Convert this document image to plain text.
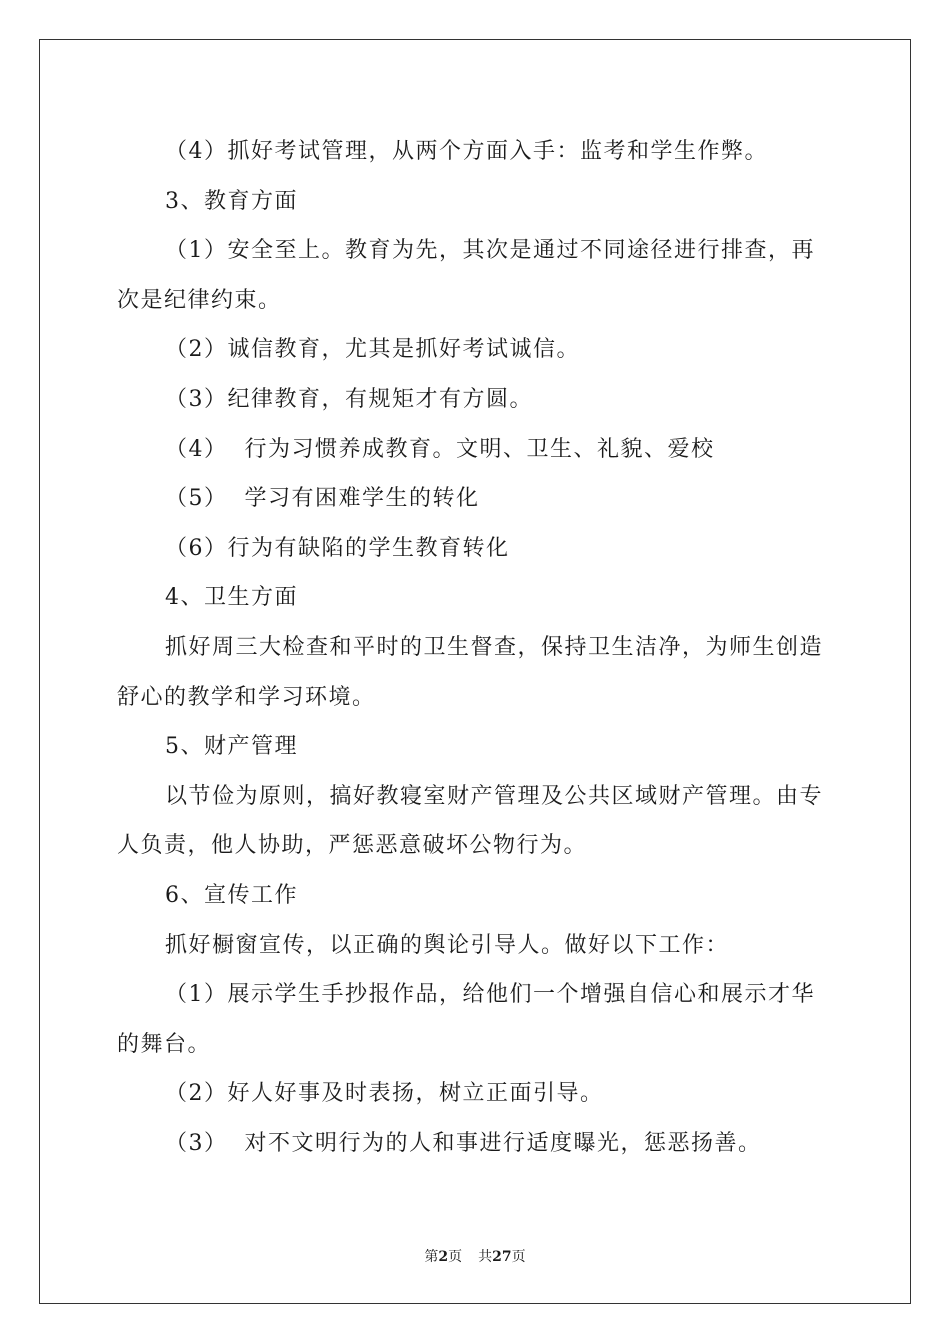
（4）抓好考试管理，从两个方面入手：监考和学生作弊。
3、教育方面
（1）安全至上。教育为先，其次是通过不同途径进行排查，再
次是纪律约束。
（2）诚信教育，尤其是抓好考试诚信。
（3）纪律教育，有规矩才有方圆。
（4）  行为习惯养成教育。文明、卫生、礼貌、爱校
（5）  学习有困难学生的转化
（6）行为有缺陷的学生教育转化
4、卫生方面
抓好周三大检查和平时的卫生督查，保持卫生洁净，为师生创造
舒心的教学和学习环境。
5、财产管理
以节俭为原则，搞好教寝室财产管理及公共区域财产管理。由专
人负责，他人协助，严惩恶意破坏公物行为。
6、宣传工作
抓好橱窗宣传，以正确的舆论引导人。做好以下工作：
（1）展示学生手抄报作品，给他们一个增强自信心和展示才华
的舞台。
（2）好人好事及时表扬，树立正面引导。
（3）  对不文明行为的人和事进行适度曝光，惩恶扬善。
第2页 共27页
